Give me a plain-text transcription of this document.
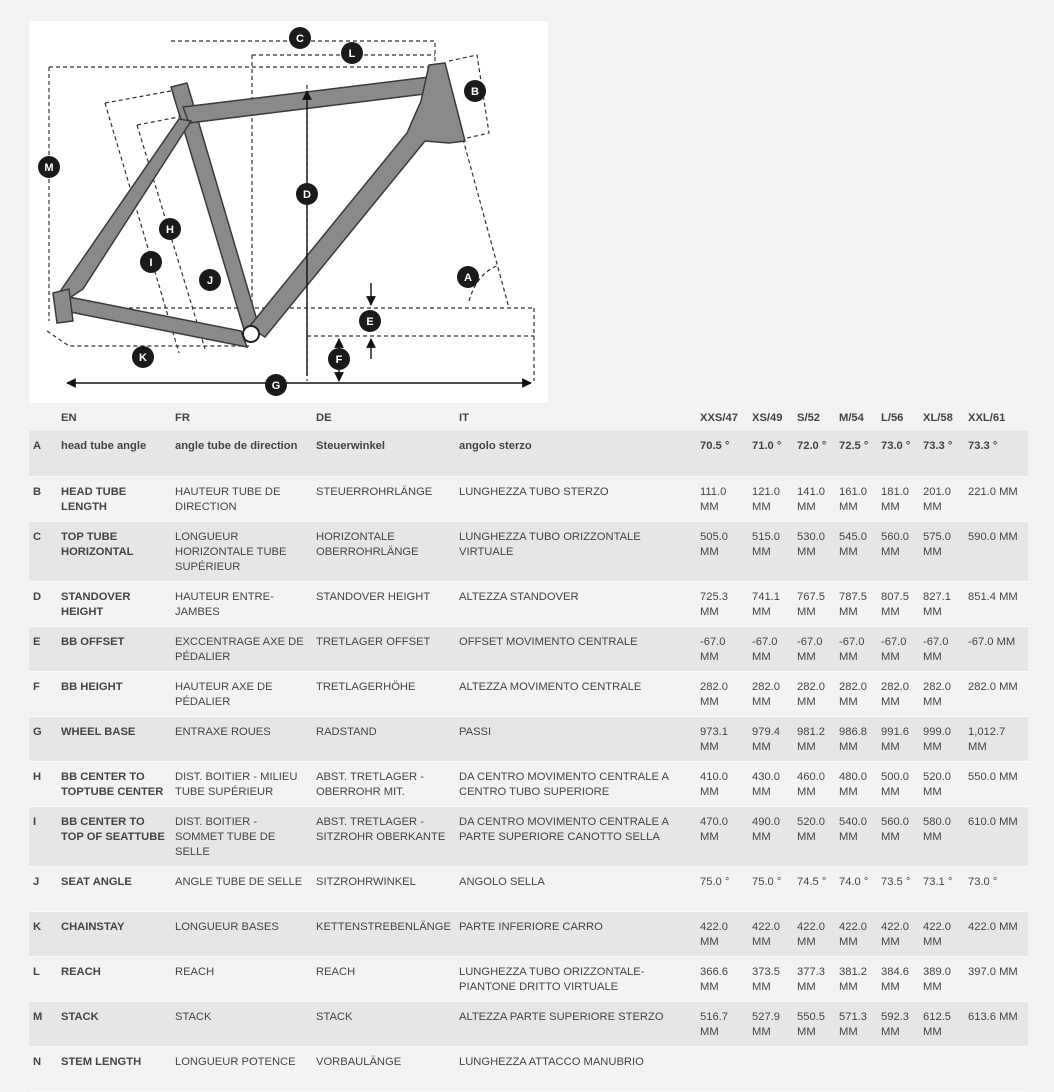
C
L
B
M
D
H
I
J	A
E
F
K
G
	EN	FR	DE	IT	XXS/47	XS/49	S/52	M/54	L/56	XL/58	XXL/61
A	head tube angle	angle tube de direction	Steuerwinkel	angolo sterzo	70.5 °	71.0 °	72.0 °	72.5 °	73.0 °	73.3 °	73.3 °
B	HEAD TUBE LENGTH	HAUTEUR TUBE DE DIRECTION	STEUERROHRLÄNGE	LUNGHEZZA TUBO STERZO	111.0 MM	121.0 MM	141.0 MM	161.0 MM	181.0 MM	201.0 MM	221.0 MM
C	TOP TUBE HORIZONTAL	LONGUEUR HORIZONTALE TUBE SUPÉRIEUR	HORIZONTALE OBERROHRLÄNGE	LUNGHEZZA TUBO ORIZZONTALE VIRTUALE	505.0 MM	515.0 MM	530.0 MM	545.0 MM	560.0 MM	575.0 MM	590.0 MM
D	STANDOVER HEIGHT	HAUTEUR ENTRE-JAMBES	STANDOVER HEIGHT	ALTEZZA STANDOVER	725.3 MM	741.1 MM	767.5 MM	787.5 MM	807.5 MM	827.1 MM	851.4 MM
E	BB OFFSET	EXCCENTRAGE AXE DE PÉDALIER	TRETLAGER OFFSET	OFFSET MOVIMENTO CENTRALE	-67.0 MM	-67.0 MM	-67.0 MM	-67.0 MM	-67.0 MM	-67.0 MM	-67.0 MM
F	BB HEIGHT	HAUTEUR AXE DE PÉDALIER	TRETLAGERHÖHE	ALTEZZA MOVIMENTO CENTRALE	282.0 MM	282.0 MM	282.0 MM	282.0 MM	282.0 MM	282.0 MM	282.0 MM
G	WHEEL BASE	ENTRAXE ROUES	RADSTAND	PASSI	973.1 MM	979.4 MM	981.2 MM	986.8 MM	991.6 MM	999.0 MM	1,012.7 MM
H	BB CENTER TO TOPTUBE CENTER	DIST. BOITIER - MILIEU TUBE SUPÉRIEUR	ABST. TRETLAGER - OBERROHR MIT.	DA CENTRO MOVIMENTO CENTRALE A CENTRO TUBO SUPERIORE	410.0 MM	430.0 MM	460.0 MM	480.0 MM	500.0 MM	520.0 MM	550.0 MM
I	BB CENTER TO TOP OF SEATTUBE	DIST. BOITIER - SOMMET TUBE DE SELLE	ABST. TRETLAGER - SITZROHR OBERKANTE	DA CENTRO MOVIMENTO CENTRALE A PARTE SUPERIORE CANOTTO SELLA	470.0 MM	490.0 MM	520.0 MM	540.0 MM	560.0 MM	580.0 MM	610.0 MM
J	SEAT ANGLE	ANGLE TUBE DE SELLE	SITZROHRWINKEL	ANGOLO SELLA	75.0 °	75.0 °	74.5 °	74.0 °	73.5 °	73.1 °	73.0 °
K	CHAINSTAY	LONGUEUR BASES	KETTENSTREBENLÄNGE	PARTE INFERIORE CARRO	422.0 MM	422.0 MM	422.0 MM	422.0 MM	422.0 MM	422.0 MM	422.0 MM
L	REACH	REACH	REACH	LUNGHEZZA TUBO ORIZZONTALE-PIANTONE DRITTO VIRTUALE	366.6 MM	373.5 MM	377.3 MM	381.2 MM	384.6 MM	389.0 MM	397.0 MM
M	STACK	STACK	STACK	ALTEZZA PARTE SUPERIORE STERZO	516.7 MM	527.9 MM	550.5 MM	571.3 MM	592.3 MM	612.5 MM	613.6 MM
N	STEM LENGTH	LONGUEUR POTENCE	VORBAULÄNGE	LUNGHEZZA ATTACCO MANUBRIO							
